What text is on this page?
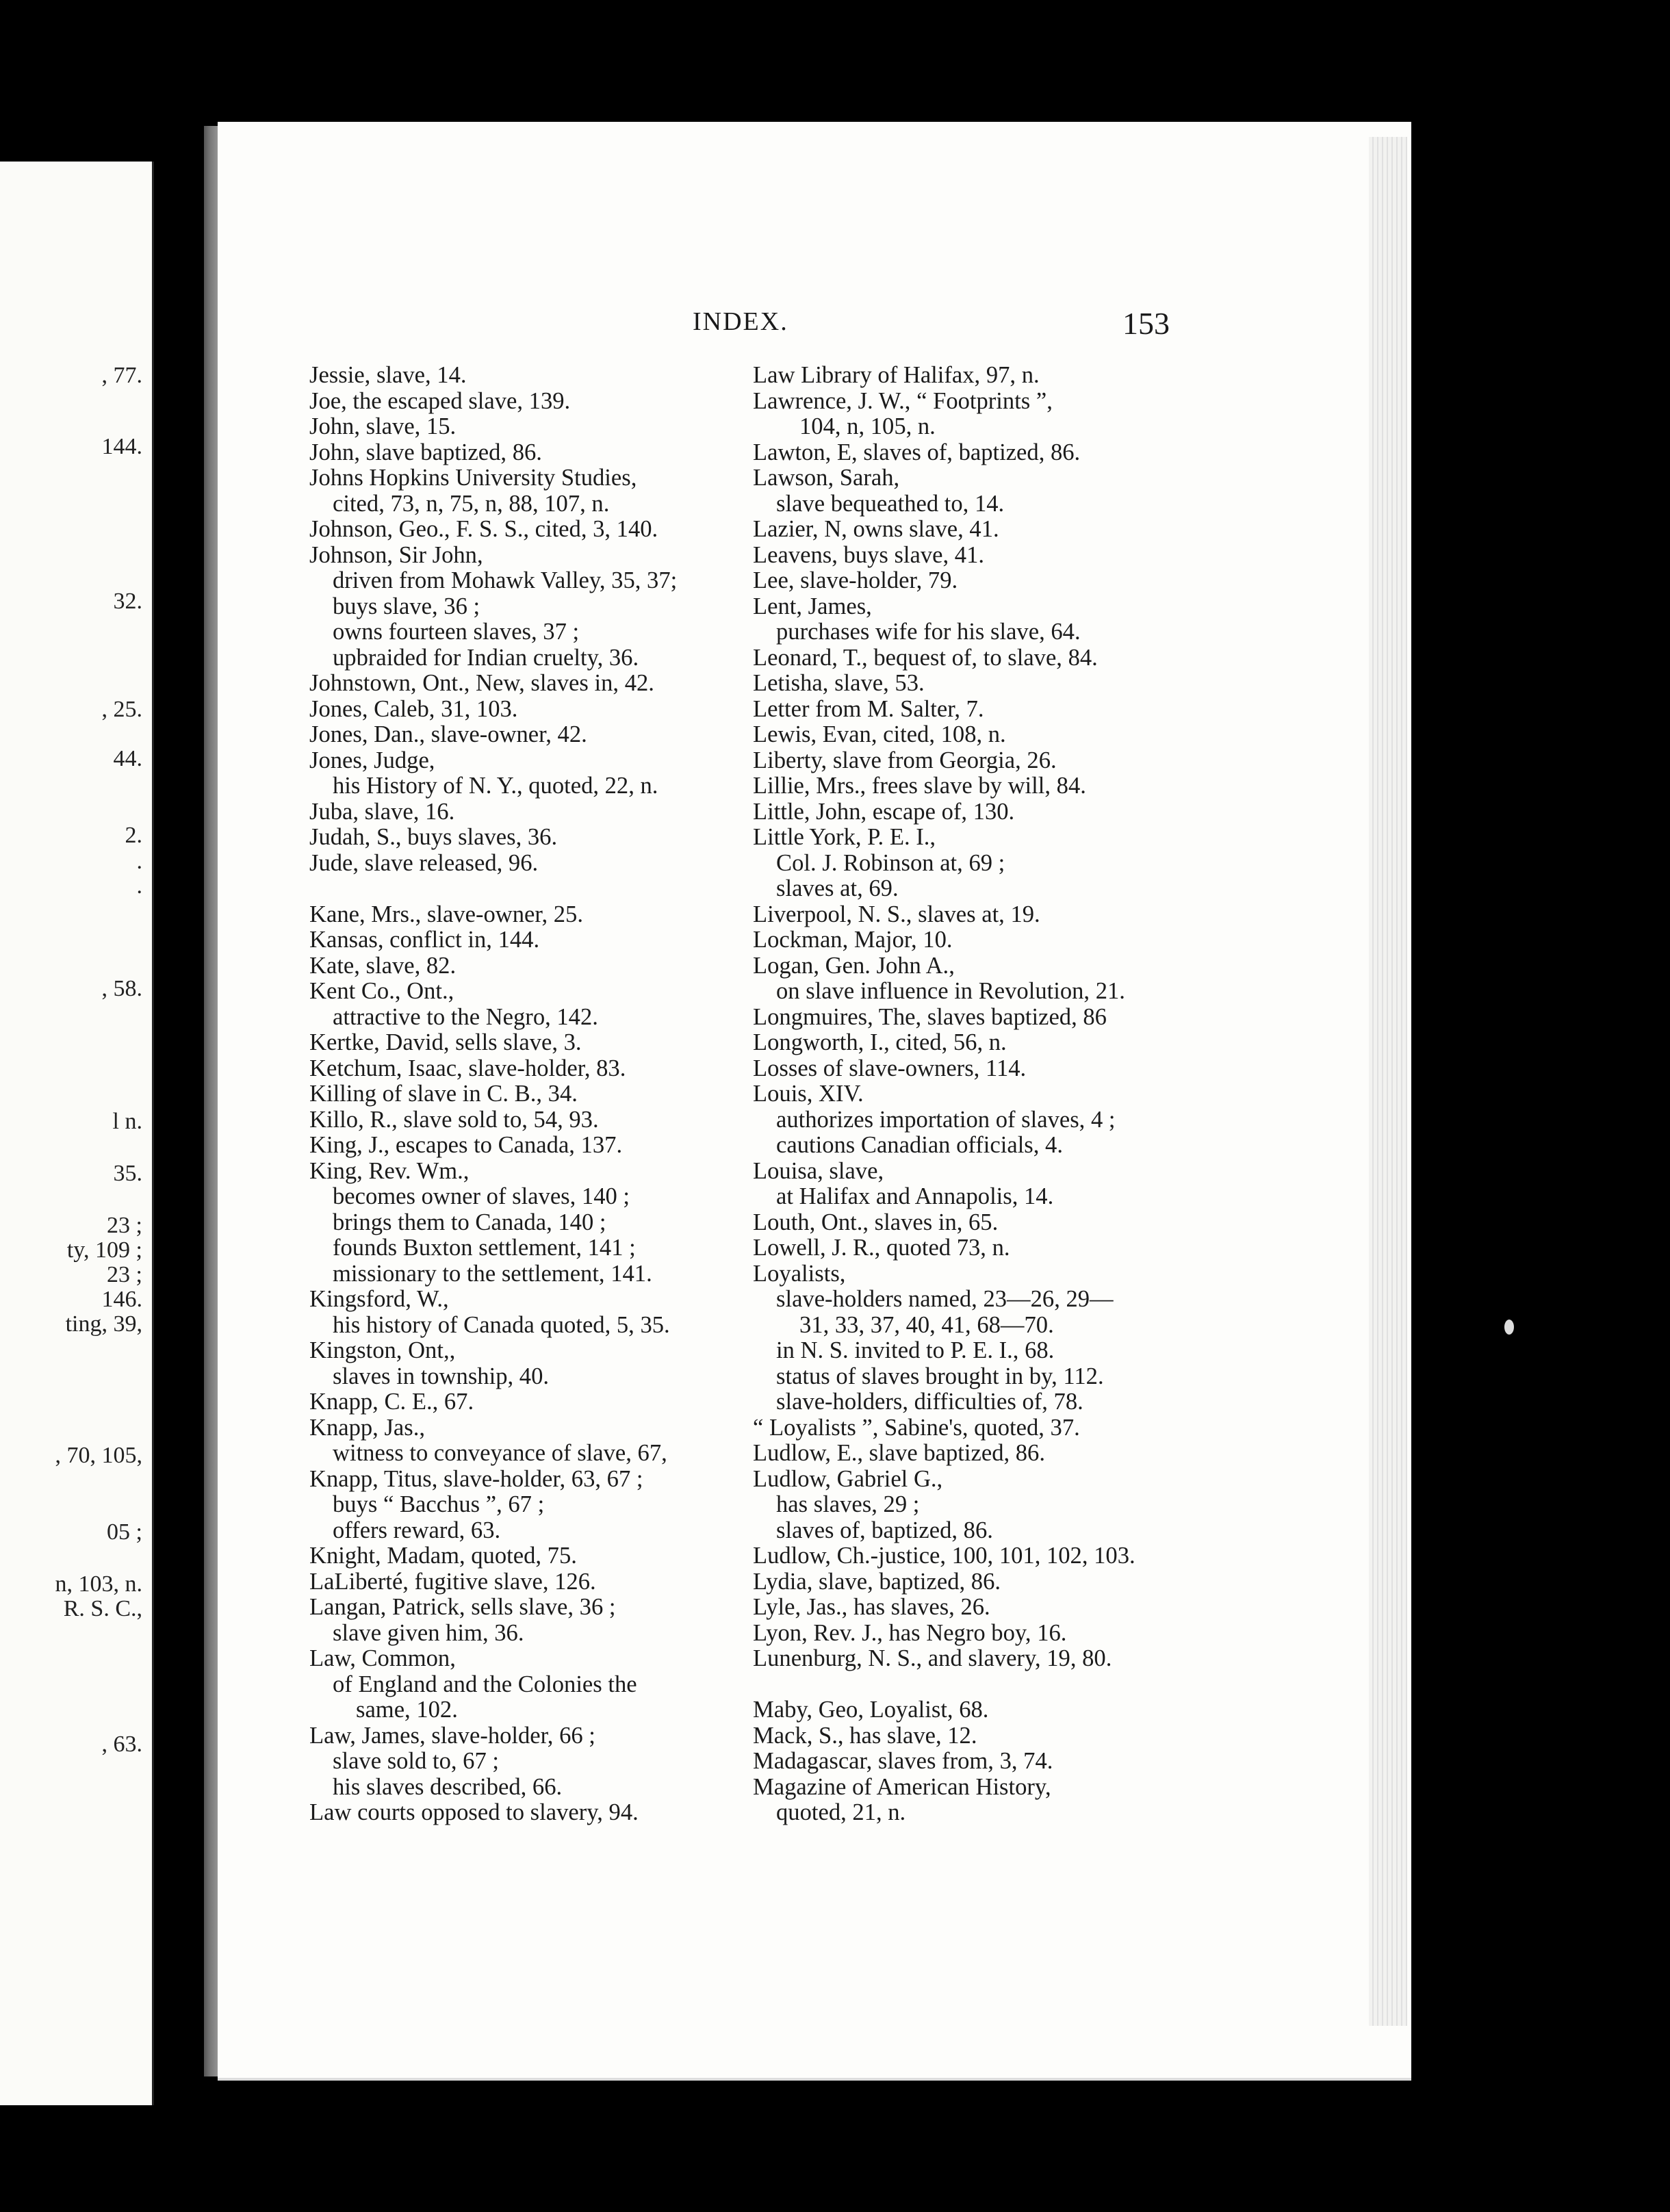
, 77.
144.
32.
, 25.
44.
2.
.
.
, 58.
l n.
35.
23 ;
ty, 109 ;
23 ;
146.
ting, 39,
, 70, 105,
05 ;
n, 103, n.
R. S. C.,
, 63.
INDEX.	153
Jessie, slave, 14.
Joe, the escaped slave, 139.
John, slave, 15.
John, slave baptized, 86.
Johns Hopkins University Studies,
cited, 73, n, 75, n, 88, 107, n.
Johnson, Geo., F. S. S., cited, 3, 140.
Johnson, Sir John,
driven from Mohawk Valley, 35, 37;
buys slave, 36 ;
owns fourteen slaves, 37 ;
upbraided for Indian cruelty, 36.
Johnstown, Ont., New, slaves in, 42.
Jones, Caleb, 31, 103.
Jones, Dan., slave-owner, 42.
Jones, Judge,
his History of N. Y., quoted, 22, n.
Juba, slave, 16.
Judah, S., buys slaves, 36.
Jude, slave released, 96.
Kane, Mrs., slave-owner, 25.
Kansas, conflict in, 144.
Kate, slave, 82.
Kent Co., Ont.,
attractive to the Negro, 142.
Kertke, David, sells slave, 3.
Ketchum, Isaac, slave-holder, 83.
Killing of slave in C. B., 34.
Killo, R., slave sold to, 54, 93.
King, J., escapes to Canada, 137.
King, Rev. Wm.,
becomes owner of slaves, 140 ;
brings them to Canada, 140 ;
founds Buxton settlement, 141 ;
missionary to the settlement, 141.
Kingsford, W.,
his history of Canada quoted, 5, 35.
Kingston, Ont,,
slaves in township, 40.
Knapp, C. E., 67.
Knapp, Jas.,
witness to conveyance of slave, 67,
Knapp, Titus, slave-holder, 63, 67 ;
buys “ Bacchus ”, 67 ;
offers reward, 63.
Knight, Madam, quoted, 75.
LaLiberté, fugitive slave, 126.
Langan, Patrick, sells slave, 36 ;
slave given him, 36.
Law, Common,
of England and the Colonies the
same, 102.
Law, James, slave-holder, 66 ;
slave sold to, 67 ;
his slaves described, 66.
Law courts opposed to slavery, 94.
Law Library of Halifax, 97, n.
Lawrence, J. W., “ Footprints ”,
104, n, 105, n.
Lawton, E, slaves of, baptized, 86.
Lawson, Sarah,
slave bequeathed to, 14.
Lazier, N, owns slave, 41.
Leavens, buys slave, 41.
Lee, slave-holder, 79.
Lent, James,
purchases wife for his slave, 64.
Leonard, T., bequest of, to slave, 84.
Letisha, slave, 53.
Letter from M. Salter, 7.
Lewis, Evan, cited, 108, n.
Liberty, slave from Georgia, 26.
Lillie, Mrs., frees slave by will, 84.
Little, John, escape of, 130.
Little York, P. E. I.,
Col. J. Robinson at, 69 ;
slaves at, 69.
Liverpool, N. S., slaves at, 19.
Lockman, Major, 10.
Logan, Gen. John A.,
on slave influence in Revolution, 21.
Longmuires, The, slaves baptized, 86
Longworth, I., cited, 56, n.
Losses of slave-owners, 114.
Louis, XIV.
authorizes importation of slaves, 4 ;
cautions Canadian officials, 4.
Louisa, slave,
at Halifax and Annapolis, 14.
Louth, Ont., slaves in, 65.
Lowell, J. R., quoted 73, n.
Loyalists,
slave-holders named, 23—26, 29—
31, 33, 37, 40, 41, 68—70.
in N. S. invited to P. E. I., 68.
status of slaves brought in by, 112.
slave-holders, difficulties of, 78.
“ Loyalists ”, Sabine's, quoted, 37.
Ludlow, E., slave baptized, 86.
Ludlow, Gabriel G.,
has slaves, 29 ;
slaves of, baptized, 86.
Ludlow, Ch.-justice, 100, 101, 102, 103.
Lydia, slave, baptized, 86.
Lyle, Jas., has slaves, 26.
Lyon, Rev. J., has Negro boy, 16.
Lunenburg, N. S., and slavery, 19, 80.
Maby, Geo, Loyalist, 68.
Mack, S., has slave, 12.
Madagascar, slaves from, 3, 74.
Magazine of American History,
quoted, 21, n.
